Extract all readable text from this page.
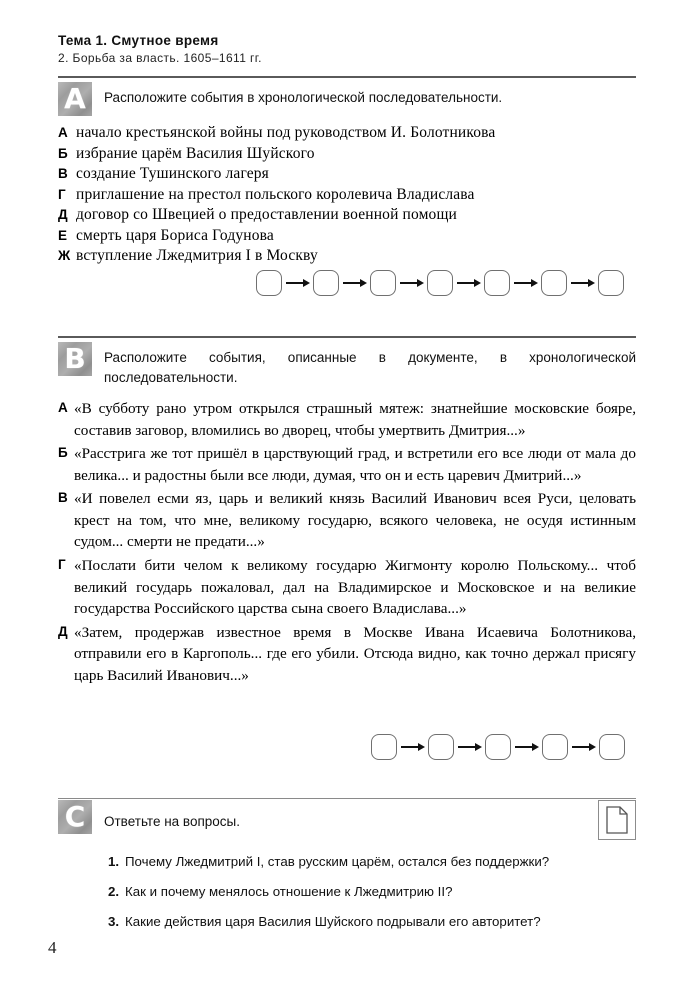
Тема 1. Смутное время
2. Борьба за власть. 1605–1611 гг.
A	Расположите события в хронологической последовательности.
А начало крестьянской войны под руководством И. Болотникова
Б избрание царём Василия Шуйского
В создание Тушинского лагеря
Г приглашение на престол польского королевича Владислава
Д договор со Швецией о предоставлении военной помощи
Е смерть царя Бориса Годунова
Ж вступление Лжедмитрия I в Москву
B	Расположите события, описанные в документе, в хронологической последовательности.
А «В субботу рано утром открылся страшный мятеж: знатнейшие московские бояре, составив заговор, вломились во дворец, чтобы умертвить Дмитрия...»
Б «Расстрига же тот пришёл в царствующий град, и встретили его все люди от мала до велика... и радостны были все люди, думая, что он и есть царевич Дмитрий...»
В «И повелел есми яз, царь и великий князь Василий Иванович всея Руси, целовать крест на том, что мне, великому государю, всякого человека, не осудя истинным судом... смерти не предати...»
Г «Послати бити челом к великому государю Жигмонту королю Польскому... чтоб великий государь пожаловал, дал на Владимирское и Московское и на великие государства Российского царства сына своего Владислава...»
Д «Затем, продержав известное время в Москве Ивана Исаевича Болотникова, отправили его в Каргополь... где его убили. Отсюда видно, как точно держал присягу царь Василий Иванович...»
C	Ответьте на вопросы.
1. Почему Лжедмитрий I, став русским царём, остался без поддержки?
2. Как и почему менялось отношение к Лжедмитрию II?
3. Какие действия царя Василия Шуйского подрывали его авторитет?
4
